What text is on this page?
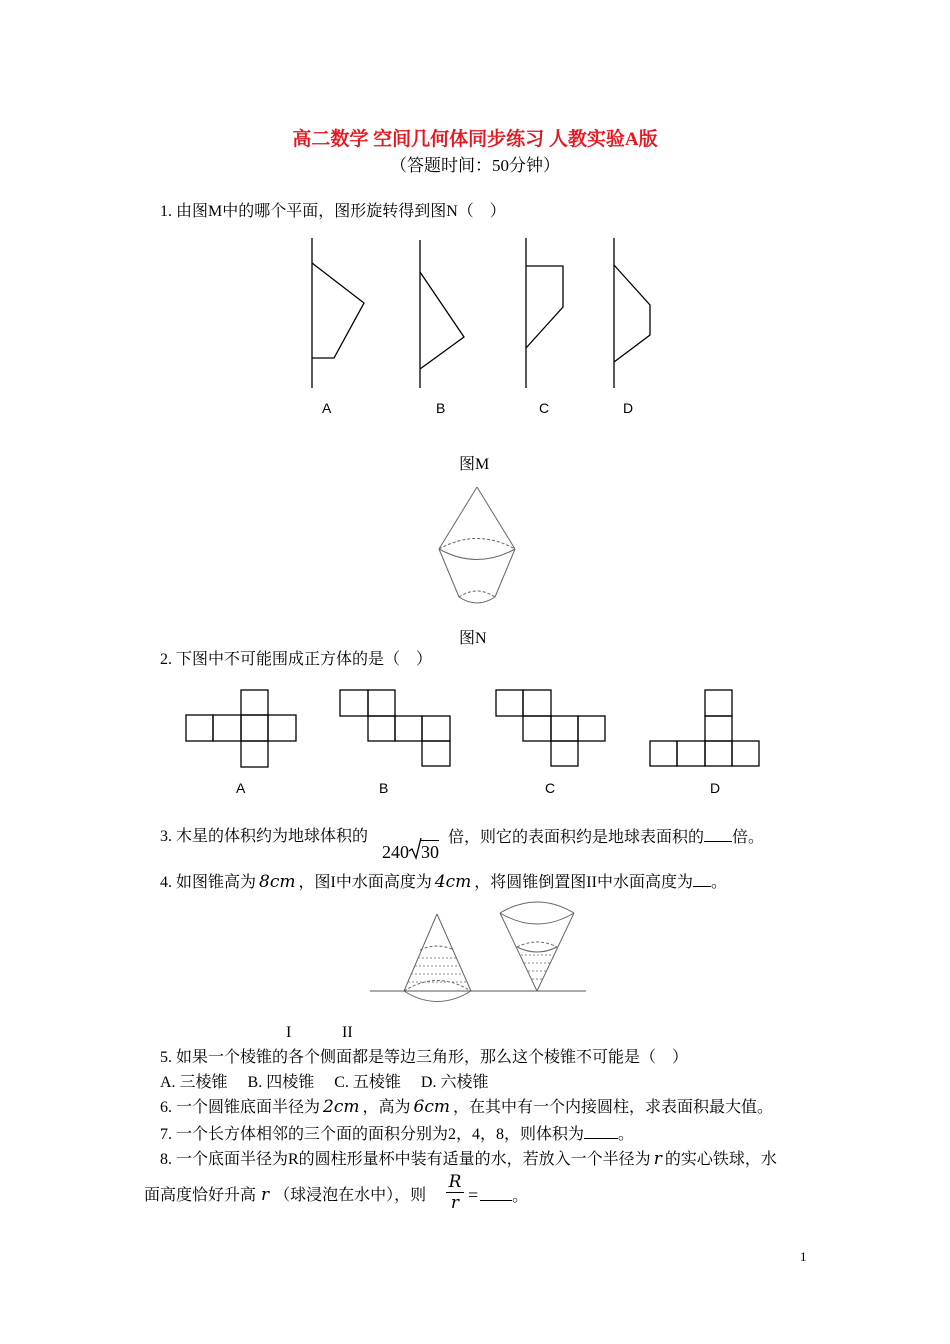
高二数学 空间几何体同步练习 人教实验A版
（答题时间：50分钟）
1. 由图M中的哪个平面，图形旋转得到图N（　）
A	B	C	D
图M
图N
2. 下图中不可能围成正方体的是（　）
A	B	C	D
3. 木星的体积约为地球体积的
240 30
倍，则它的表面积约是地球表面积的 倍。
4. 如图锥高为 8cm ，图I中水面高度为 4cm ，将圆锥倒置图II中水面高度为 。
I	II
5. 如果一个棱锥的各个侧面都是等边三角形，那么这个棱锥不可能是（　）
A. 三棱锥　 B. 四棱锥　 C. 五棱锥　 D. 六棱锥
6. 一个圆锥底面半径为 2cm ，高为 6cm ，在其中有一个内接圆柱，求表面积最大值。
7. 一个长方体相邻的三个面的面积分别为2，4，8，则体积为 。
8. 一个底面半径为R的圆柱形量杯中装有适量的水，若放入一个半径为 r 的实心铁球，水
面高度恰好升高 r （球浸泡在水中），则
R
r = 。
1
